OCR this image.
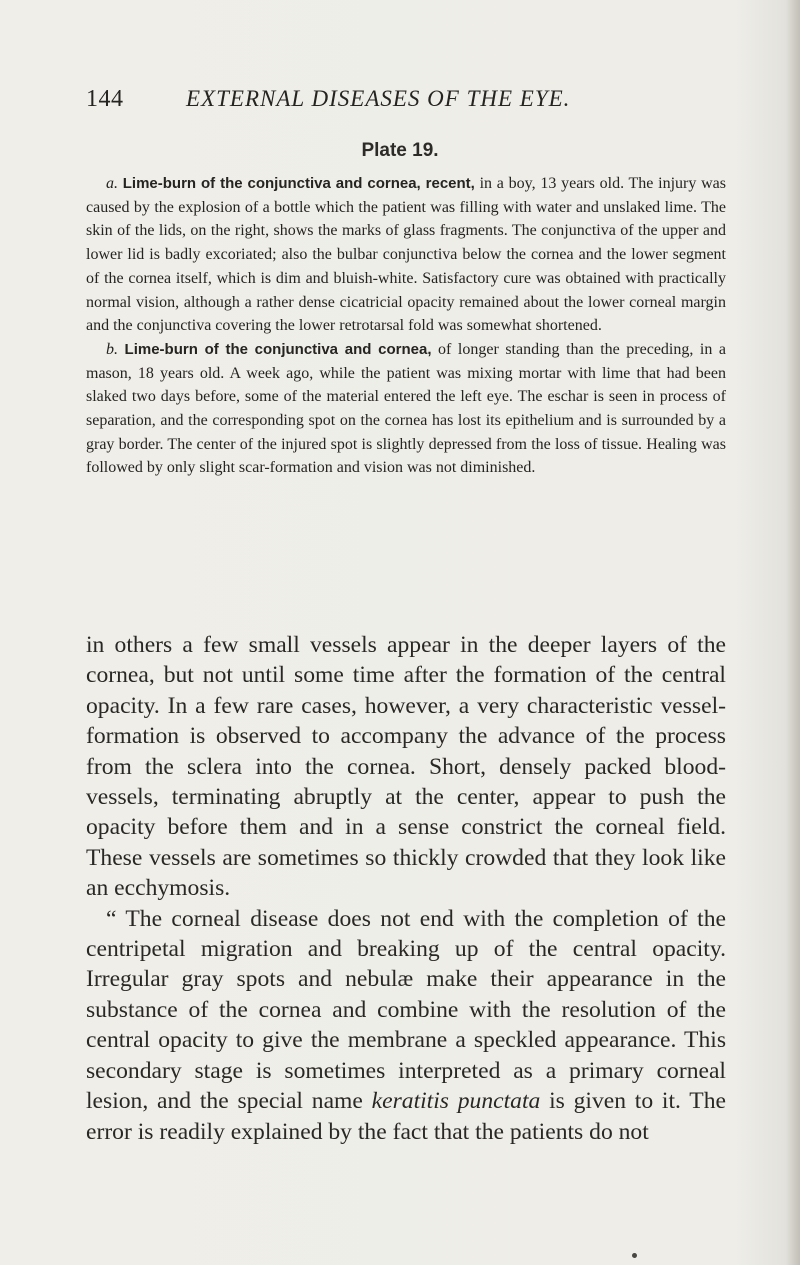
144	EXTERNAL DISEASES OF THE EYE.
Plate 19.

a. Lime-burn of the conjunctiva and cornea, recent, in a boy, 13 years old. The injury was caused by the explosion of a bottle which the patient was filling with water and unslaked lime. The skin of the lids, on the right, shows the marks of glass fragments. The conjunctiva of the upper and lower lid is badly excoriated; also the bulbar conjunctiva below the cornea and the lower segment of the cornea itself, which is dim and bluish-white. Satisfactory cure was obtained with practically normal vision, although a rather dense cicatricial opacity remained about the lower corneal margin and the conjunctiva covering the lower retrotarsal fold was somewhat shortened.

b. Lime-burn of the conjunctiva and cornea, of longer standing than the preceding, in a mason, 18 years old. A week ago, while the patient was mixing mortar with lime that had been slaked two days before, some of the material entered the left eye. The eschar is seen in process of separation, and the corresponding spot on the cornea has lost its epithelium and is surrounded by a gray border. The center of the injured spot is slightly depressed from the loss of tissue. Healing was followed by only slight scar-formation and vision was not diminished.

in others a few small vessels appear in the deeper layers of the cornea, but not until some time after the formation of the central opacity. In a few rare cases, however, a very characteristic vessel-formation is observed to accompany the advance of the process from the sclera into the cornea. Short, densely packed blood-vessels, terminating abruptly at the center, appear to push the opacity before them and in a sense constrict the corneal field. These vessels are sometimes so thickly crowded that they look like an ecchymosis.

“ The corneal disease does not end with the completion of the centripetal migration and breaking up of the central opacity. Irregular gray spots and nebulæ make their appearance in the substance of the cornea and combine with the resolution of the central opacity to give the membrane a speckled appearance. This secondary stage is sometimes interpreted as a primary corneal lesion, and the special name keratitis punctata is given to it. The error is readily explained by the fact that the patients do not
